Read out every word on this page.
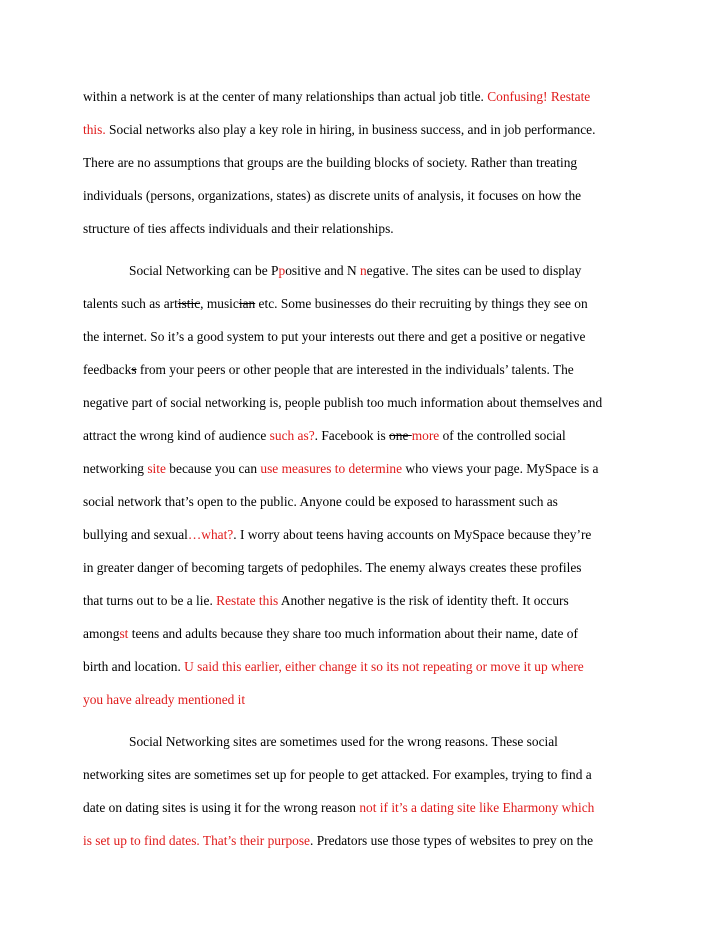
within a network is at the center of many relationships than actual job title. Confusing! Restate
this. Social networks also play a key role in hiring, in business success, and in job performance.
There are no assumptions that groups are the building blocks of society. Rather than treating
individuals (persons, organizations, states) as discrete units of analysis, it focuses on how the
structure of ties affects individuals and their relationships.
Social Networking can be Ppositive and N negative. The sites can be used to display
talents such as artistic, musician etc. Some businesses do their recruiting by things they see on
the internet. So it’s a good system to put your interests out there and get a positive or negative
feedbacks from your peers or other people that are interested in the individuals’ talents. The
negative part of social networking is, people publish too much information about themselves and
attract the wrong kind of audience such as?. Facebook is one more of the controlled social
networking site because you can use measures to determine who views your page. MySpace is a
social network that’s open to the public. Anyone could be exposed to harassment such as
bullying and sexual…what?. I worry about teens having accounts on MySpace because they’re
in greater danger of becoming targets of pedophiles. The enemy always creates these profiles
that turns out to be a lie. Restate this Another negative is the risk of identity theft. It occurs
amongst teens and adults because they share too much information about their name, date of
birth and location. U said this earlier, either change it so its not repeating or move it up where
you have already mentioned it
Social Networking sites are sometimes used for the wrong reasons. These social
networking sites are sometimes set up for people to get attacked. For examples, trying to find a
date on dating sites is using it for the wrong reason not if it’s a dating site like Eharmony which
is set up to find dates. That’s their purpose. Predators use those types of websites to prey on the
